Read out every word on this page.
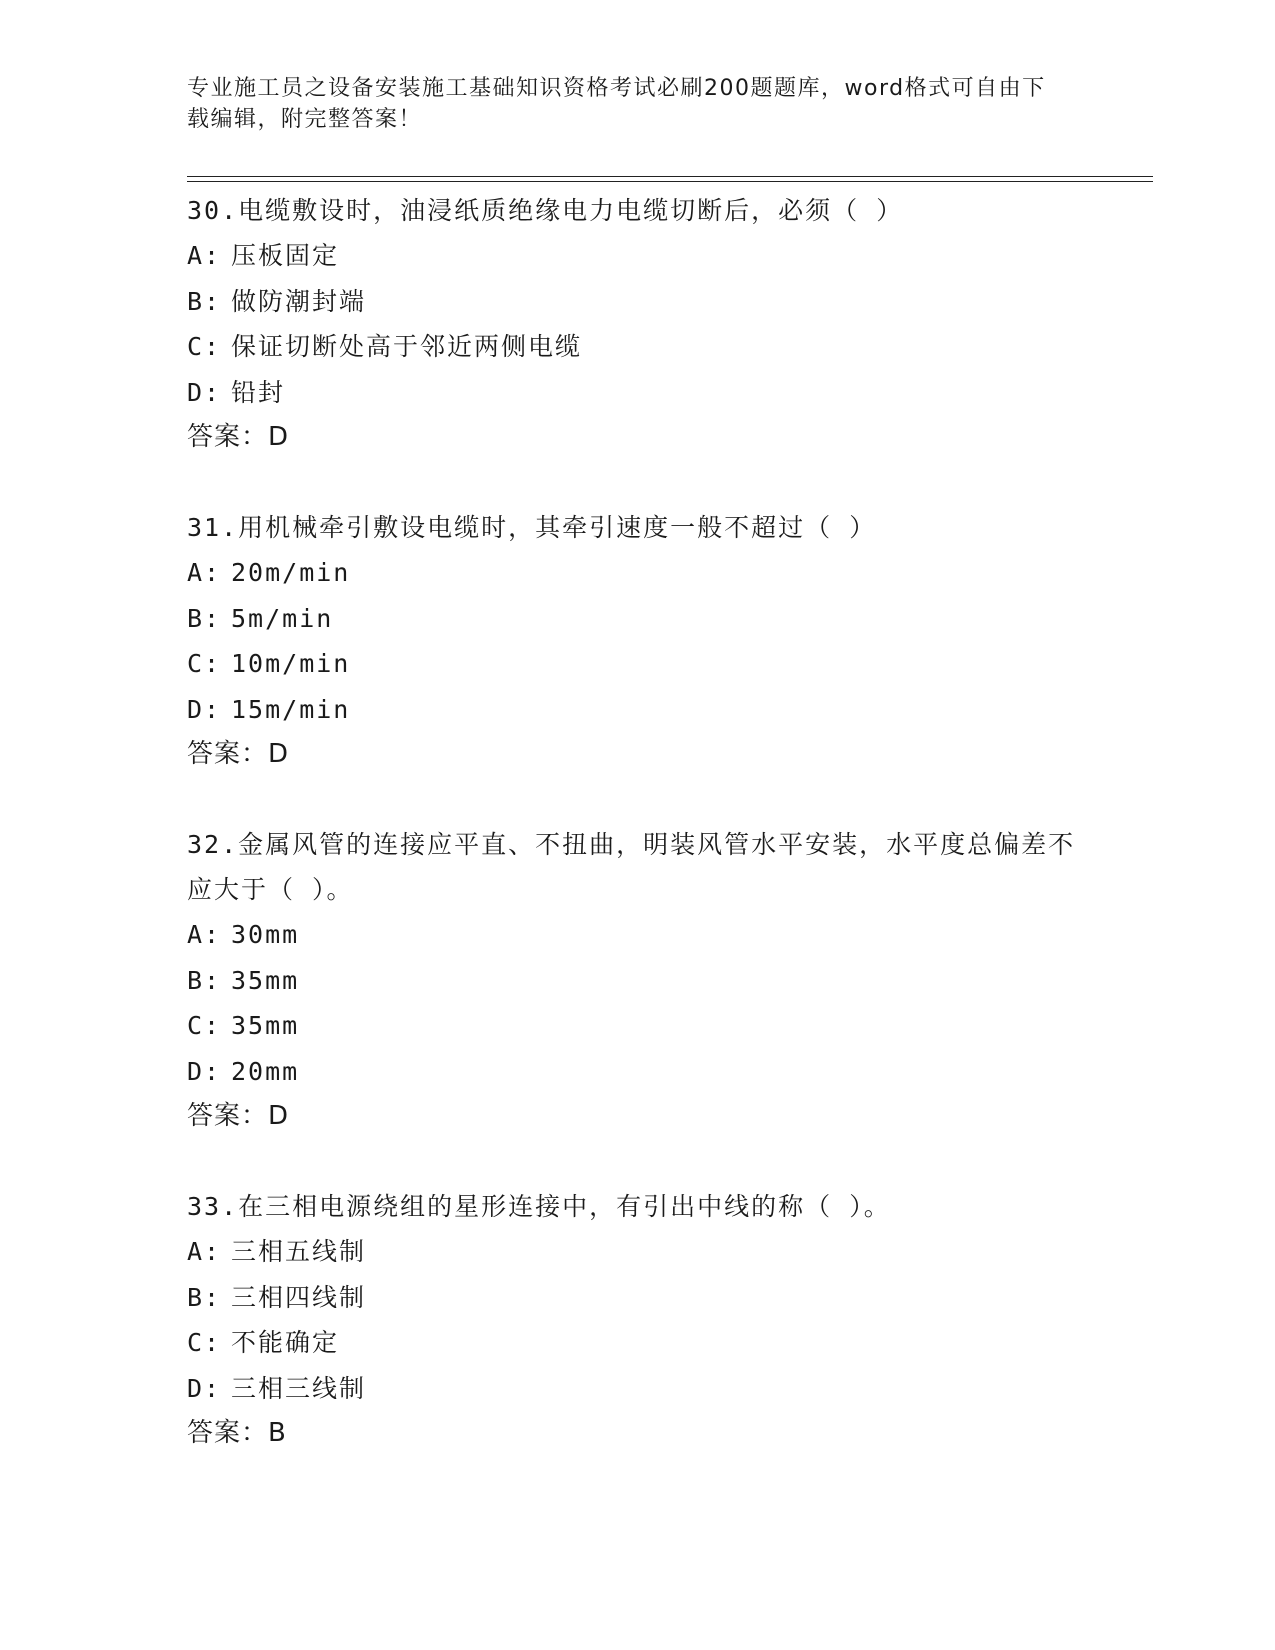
专业施工员之设备安装施工基础知识资格考试必刷200题题库，word格式可自由下载编辑，附完整答案！
30.电缆敷设时，油浸纸质绝缘电力电缆切断后，必须（ ）
A: 压板固定
B: 做防潮封端
C: 保证切断处高于邻近两侧电缆
D: 铅封
答案：D
31.用机械牵引敷设电缆时，其牵引速度一般不超过（ ）
A: 20m/min
B: 5m/min
C: 10m/min
D: 15m/min
答案：D
32.金属风管的连接应平直、不扭曲，明装风管水平安装，水平度总偏差不应大于（ ）。
A: 30mm
B: 35mm
C: 35mm
D: 20mm
答案：D
33.在三相电源绕组的星形连接中，有引出中线的称（ ）。
A: 三相五线制
B: 三相四线制
C: 不能确定
D: 三相三线制
答案：B
